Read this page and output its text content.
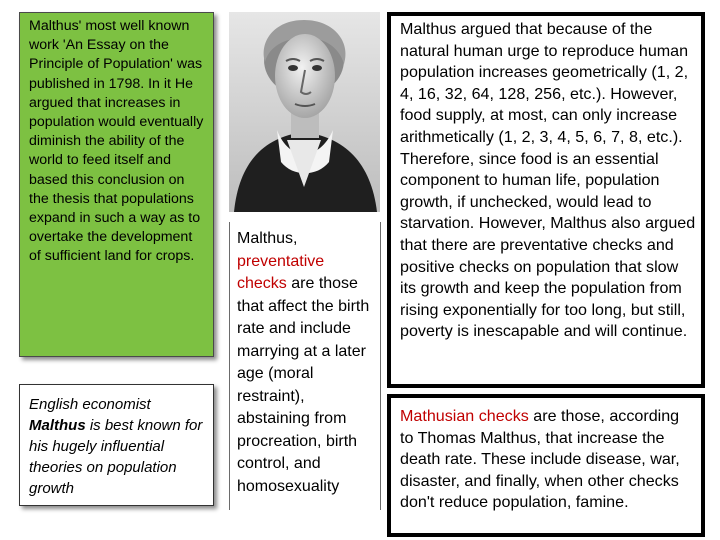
Malthus' most well known work 'An Essay on the Principle of Population' was published in 1798. In it He argued that increases in population would eventually diminish the ability of the world to feed itself and based this conclusion on the thesis that populations expand in such a way as to overtake the development of sufficient land for crops.

English economist Malthus is best known for his hugely influential theories on population growth

Malthus, preventative checks are those that affect the birth rate and include marrying at a later age (moral restraint), abstaining from procreation, birth control, and homosexuality

Malthus argued that because of the natural human urge to reproduce human population increases geometrically (1, 2, 4, 16, 32, 64, 128, 256, etc.). However, food supply, at most, can only increase arithmetically (1, 2, 3, 4, 5, 6, 7, 8, etc.). Therefore, since food is an essential component to human life, population growth, if unchecked, would lead to starvation. However, Malthus also argued that there are preventative checks and positive checks on population that slow its growth and keep the population from rising exponentially for too long, but still, poverty is inescapable and will continue.

Mathusian checks are those, according to Thomas Malthus, that increase the death rate. These include disease, war, disaster, and finally, when other checks don't reduce population, famine.
